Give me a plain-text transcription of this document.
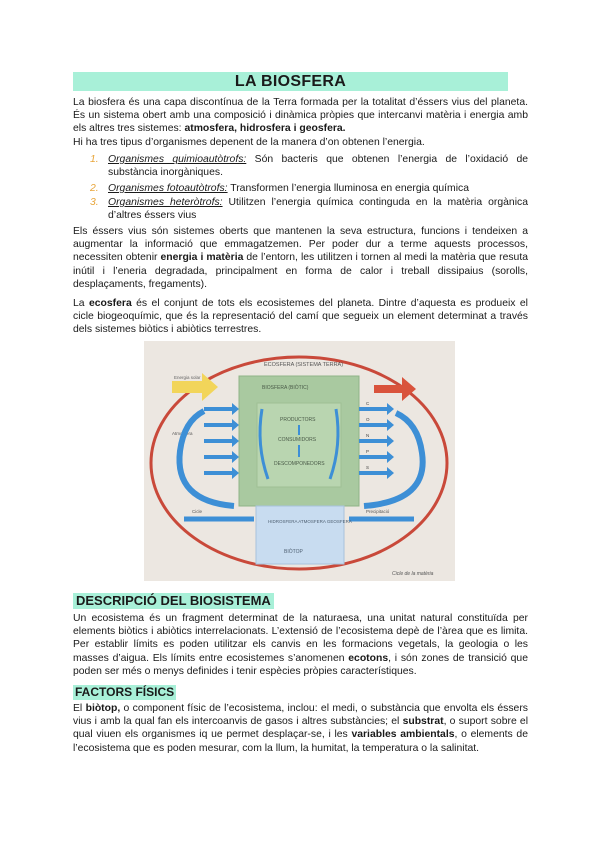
LA BIOSFERA

La biosfera és una capa discontínua de la Terra formada per la totalitat d’éssers vius del planeta. És un sistema obert amb una composició i dinàmica pròpies que intercanvi matèria i energia amb els altres tres sistemes: atmosfera, hidrosfera i geosfera.

Hi ha tres tipus d’organismes depenent de la manera d’on obtenen l’energia.

1. Organismes quimioautòtrofs: Són bacteris que obtenen l’energia de l’oxidació de substància inorgàniques.

2. Organismes fotoautòtrofs: Transformen l’energia lluminosa en energia química

3. Organismes heteròtrofs: Utilitzen l’energia química continguda en la matèria orgànica d’altres éssers vius

Els éssers vius són sistemes oberts que mantenen la seva estructura, funcions i tendeixen a augmentar la informació que emmagatzemen. Per poder dur a terme aquests processos, necessiten obtenir energia i matèria de l’entorn, les utilitzen i tornen al medi la matèria que resuta inútil i l’eneria degradada, principalment en forma de calor i treball dissipaius (sorolls, desplaçaments, fregaments).

La ecosfera és el conjunt de tots els ecosistemes del planeta. Dintre d’aquesta es produeix el cicle biogeoquímic, que és la representació del camí que segueix un element determinat a través dels sistemes biòtics i abiòtics terrestres.

ECOSFERA (SISTEMA TERRA)
Energia solar
BIOSFERA (BIÒTIC)
PRODUCTORS
CONSUMIDORS
DESCOMPONEDORS
Atmosfera
C
O
N
P
S
Cicle	Precipitació
HIDROSFERA ATMOSFERA GEOSFERA
BIÒTOP
Cicle de la matèria
DESCRIPCIÓ DEL BIOSISTEMA

Un ecosistema és un fragment determinat de la naturaesa, una unitat natural constituïda per elements biòtics i abiòtics interrelacionats. L’extensió de l’ecosistema depè de l’àrea que es limita. Per establir límits es poden utilitzar els canvis en les formacions vegetals, la geologia o les masses d’aigua. Els límits entre ecosistemes s’anomenen ecotons, i són zones de transició que poden ser més o menys definides i tenir espècies pròpies característiques.

FACTORS FÍSICS

El biòtop, o component físic de l’ecosistema, inclou: el medi, o substància que envolta els éssers vius i amb la qual fan els intercoanvis de gasos i altres substàncies; el substrat, o suport sobre el qual viuen els organismes iq ue permet desplaçar-se, i les variables ambientals, o elements de l’ecosistema que es poden mesurar, com la llum, la humitat, la temperatura o la salinitat.
